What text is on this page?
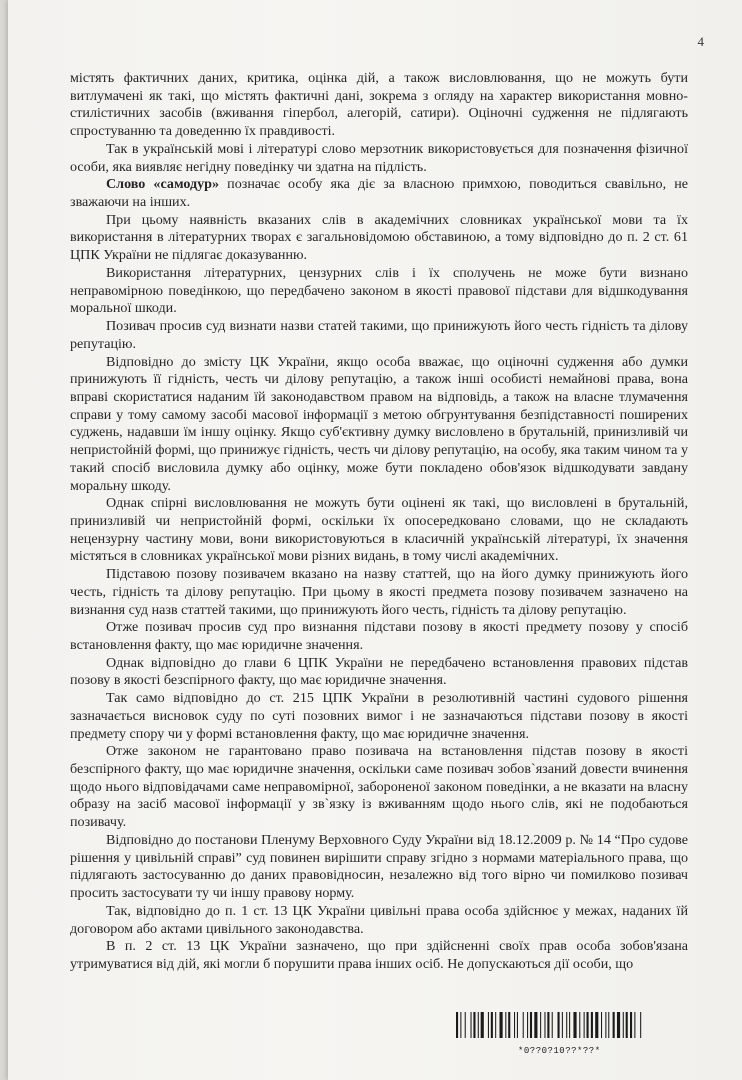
4

містять фактичних даних, критика, оцінка дій, а також висловлювання, що не можуть бути витлумачені як такі, що містять фактичні дані, зокрема з огляду на характер використання мовно-стилістичних засобів (вживання гіпербол, алегорій, сатири). Оціночні судження не підлягають спростуванню та доведенню їх правдивості.

Так в українській мові і літературі слово мерзотник використовується для позначення фізичної особи, яка виявляє негідну поведінку чи здатна на підлість.

Слово «самодур» позначає особу яка діє за власною примхою, поводиться свавільно, не зважаючи на інших.

При цьому наявність вказаних слів в академічних словниках української мови та їх використання в літературних творах є загальновідомою обставиною, а тому відповідно до п. 2 ст. 61 ЦПК України не підлягає доказуванню.

Використання літературних, цензурних слів і їх сполучень не може бути визнано неправомірною поведінкою, що передбачено законом в якості правової підстави для відшкодування моральної шкоди.

Позивач просив суд визнати назви статей такими, що принижують його честь гідність та ділову репутацію.

Відповідно до змісту ЦК України, якщо особа вважає, що оціночні судження або думки принижують її гідність, честь чи ділову репутацію, а також інші особисті немайнові права, вона вправі скористатися наданим їй законодавством правом на відповідь, а також на власне тлумачення справи у тому самому засобі масової інформації з метою обгрунтування безпідставності поширених суджень, надавши їм іншу оцінку. Якщо суб'єктивну думку висловлено в брутальній, принизливій чи непристойній формі, що принижує гідність, честь чи ділову репутацію, на особу, яка таким чином та у такий спосіб висловила думку або оцінку, може бути покладено обов'язок відшкодувати завдану моральну шкоду.

Однак спірні висловлювання не можуть бути оцінені як такі, що висловлені в брутальній, принизливій чи непристойній формі, оскільки їх опосередковано словами, що не складають нецензурну частину мови, вони використовуються в класичній українській літературі, їх значення містяться в словниках української мови різних видань, в тому числі академічних.

Підставою позову позивачем вказано на назву статтей, що на його думку принижують його честь, гідність та ділову репутацію. При цьому в якості предмета позову позивачем зазначено на визнання суд назв статтей такими, що принижують його честь, гідність та ділову репутацію.

Отже позивач просив суд про визнання підстави позову в якості предмету позову у спосіб встановлення факту, що має юридичне значення.

Однак відповідно до глави 6 ЦПК України не передбачено встановлення правових підстав позову в якості безспірного факту, що має юридичне значення.

Так само відповідно до ст. 215 ЦПК України в резолютивній частині судового рішення зазначається висновок суду по суті позовних вимог і не зазначаються підстави позову в якості предмету спору чи у формі встановлення факту, що має юридичне значення.

Отже законом не гарантовано право позивача на встановлення підстав позову в якості безспірного факту, що має юридичне значення, оскільки саме позивач зобов`язаний довести вчинення щодо нього відповідачами саме неправомірної, забороненої законом поведінки, а не вказати на власну образу на засіб масової інформації у зв`язку із вживанням щодо нього слів, які не подобаються позивачу.

Відповідно до постанови Пленуму Верховного Суду України від 18.12.2009 р. № 14 “Про судове рішення у цивільній справі” суд повинен вирішити справу згідно з нормами матеріального права, що підлягають застосуванню до даних правовідносин, незалежно від того вірно чи помилково позивач просить застосувати ту чи іншу правову норму.

Так, відповідно до п. 1 ст. 13 ЦК України цивільні права особа здійснює у межах, наданих їй договором або актами цивільного законодавства.

В п. 2 ст. 13 ЦК України зазначено, що при здійсненні своїх прав особа зобов'язана утримуватися від дій, які могли б порушити права інших осіб. Не допускаються дії особи, що

*0??0?10??*??*
